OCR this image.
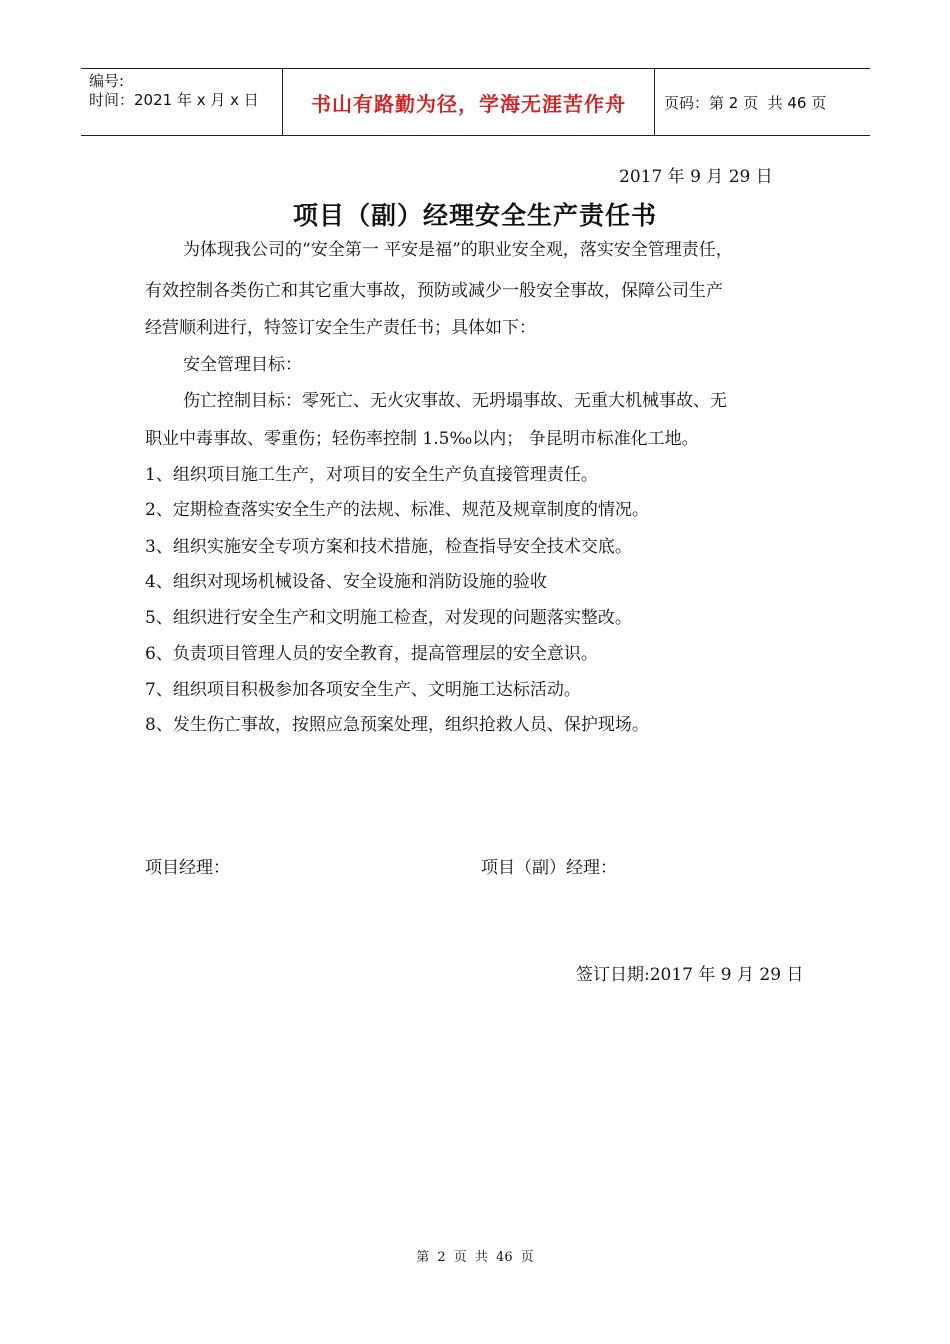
编号:
时间：2021 年 x 月 x 日	书山有路勤为径，学海无涯苦作舟	页码：第 2 页  共 46 页
2017 年 9 月 29 日
项目（副）经理安全生产责任书
为体现我公司的“安全第一 平安是福”的职业安全观，落实安全管理责任，
有效控制各类伤亡和其它重大事故，预防或减少一般安全事故，保障公司生产
经营顺利进行，特签订安全生产责任书；具体如下：
安全管理目标：
伤亡控制目标：零死亡、无火灾事故、无坍塌事故、无重大机械事故、无
职业中毒事故、零重伤；轻伤率控制 1.5‰以内； 争昆明市标准化工地。
1、组织项目施工生产，对项目的安全生产负直接管理责任。
2、定期检查落实安全生产的法规、标准、规范及规章制度的情况。
3、组织实施安全专项方案和技术措施，检查指导安全技术交底。
4、组织对现场机械设备、安全设施和消防设施的验收
5、组织进行安全生产和文明施工检查，对发现的问题落实整改。
6、负责项目管理人员的安全教育，提高管理层的安全意识。
7、组织项目积极参加各项安全生产、文明施工达标活动。
8、发生伤亡事故，按照应急预案处理，组织抢救人员、保护现场。
项目经理：	项目（副）经理：
签订日期:2017 年 9 月 29 日
第 2 页 共 46 页
